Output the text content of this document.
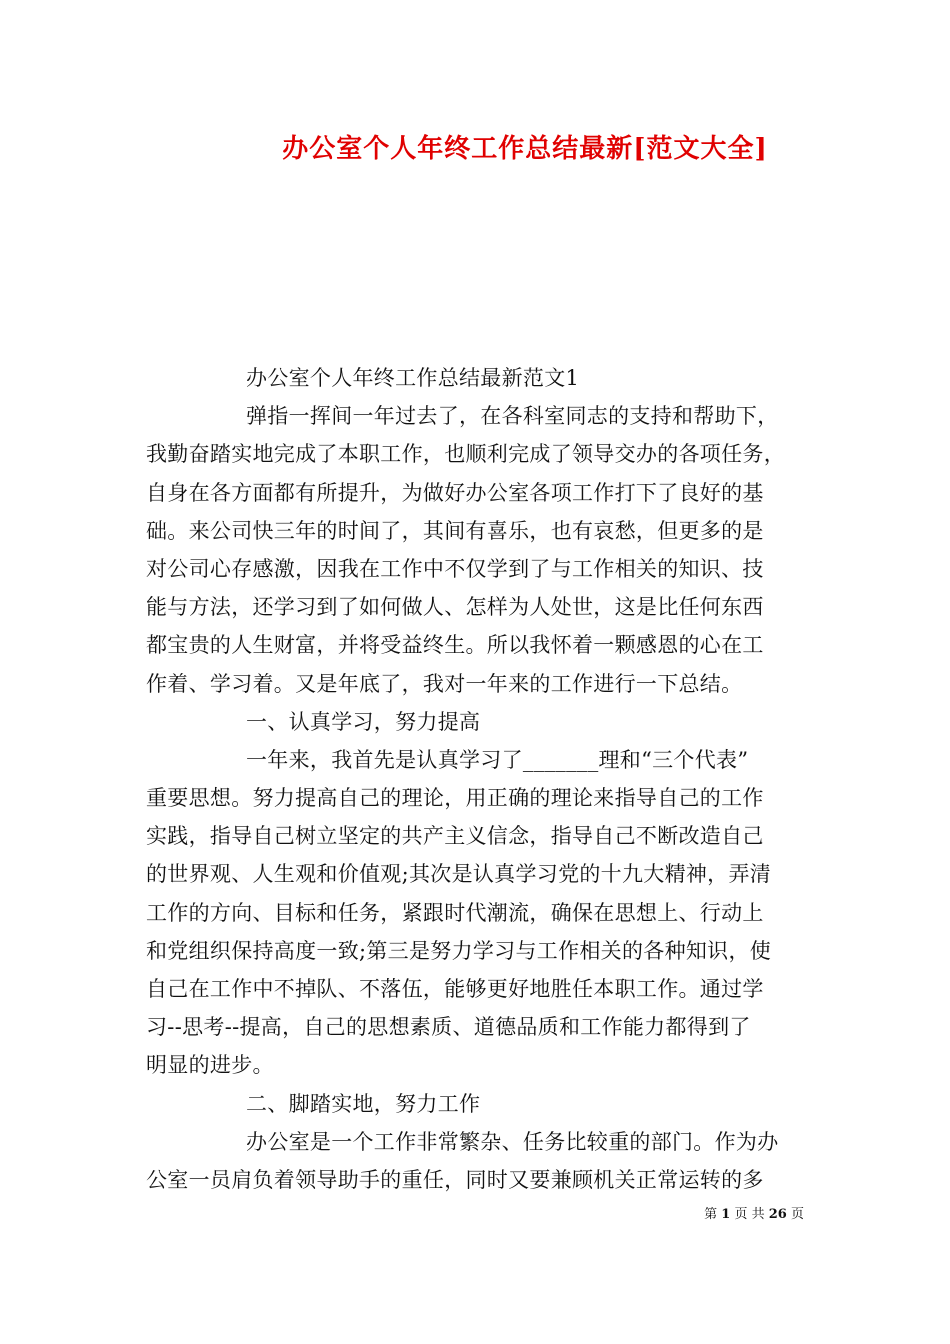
办公室个人年终工作总结最新[范文大全]
办公室个人年终工作总结最新范文1
弹指一挥间一年过去了，在各科室同志的支持和帮助下，
我勤奋踏实地完成了本职工作，也顺利完成了领导交办的各项任务，
自身在各方面都有所提升，为做好办公室各项工作打下了良好的基
础。来公司快三年的时间了，其间有喜乐，也有哀愁，但更多的是
对公司心存感激，因我在工作中不仅学到了与工作相关的知识、技
能与方法，还学习到了如何做人、怎样为人处世，这是比任何东西
都宝贵的人生财富，并将受益终生。所以我怀着一颗感恩的心在工
作着、学习着。又是年底了，我对一年来的工作进行一下总结。
一、认真学习，努力提高
一年来，我首先是认真学习了_______理和“三个代表”
重要思想。努力提高自己的理论，用正确的理论来指导自己的工作
实践，指导自己树立坚定的共产主义信念，指导自己不断改造自己
的世界观、人生观和价值观;其次是认真学习党的十九大精神，弄清
工作的方向、目标和任务，紧跟时代潮流，确保在思想上、行动上
和党组织保持高度一致;第三是努力学习与工作相关的各种知识，使
自己在工作中不掉队、不落伍，能够更好地胜任本职工作。通过学
习--思考--提高，自己的思想素质、道德品质和工作能力都得到了
明显的进步。
二、脚踏实地，努力工作
办公室是一个工作非常繁杂、任务比较重的部门。作为办
公室一员肩负着领导助手的重任，同时又要兼顾机关正常运转的多
第 1 页 共 26 页
